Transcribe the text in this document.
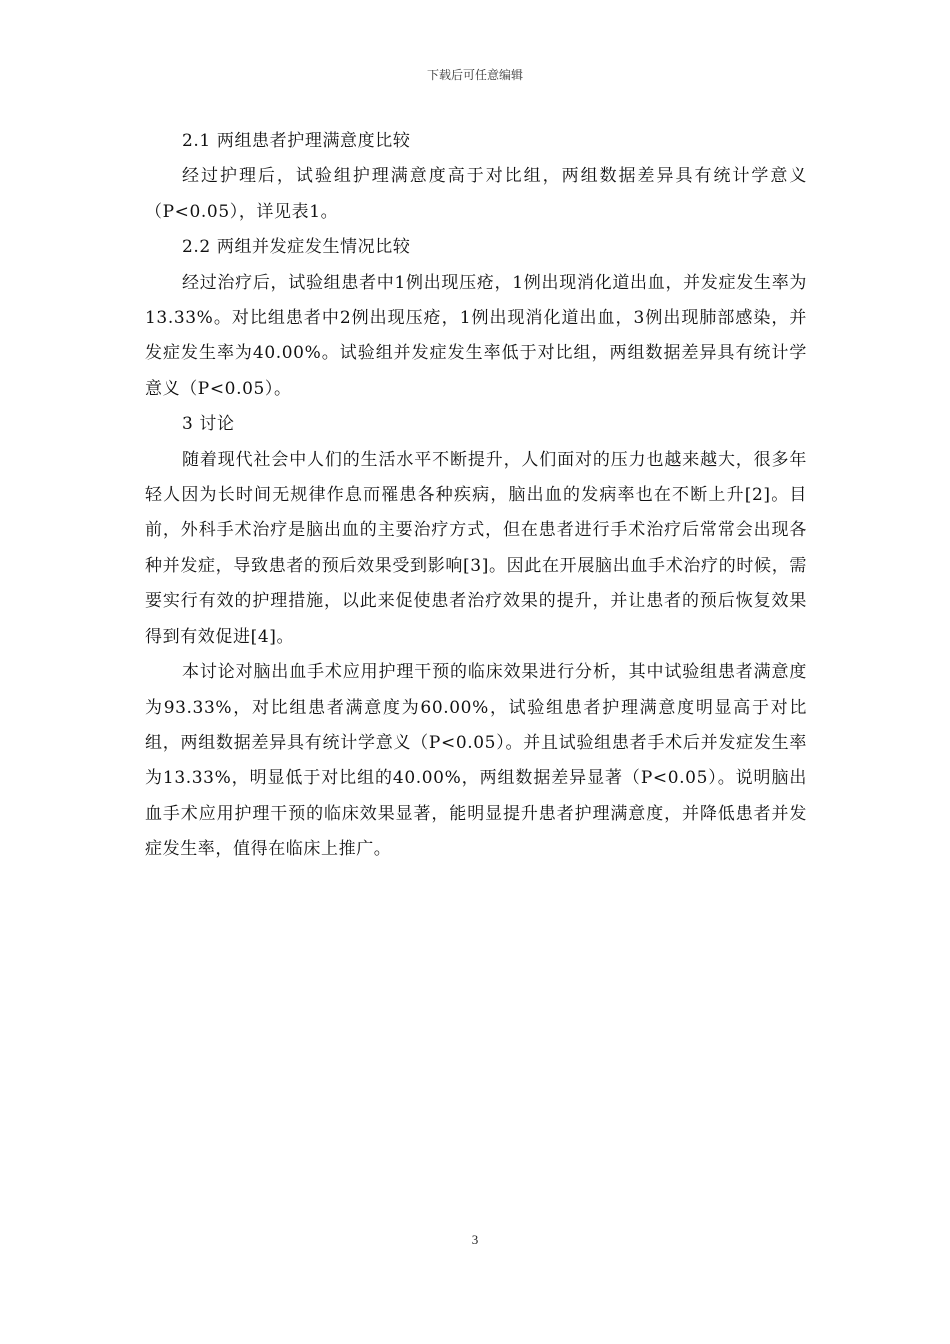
下载后可任意编辑

2.1 两组患者护理满意度比较

经过护理后，试验组护理满意度高于对比组，两组数据差异具有统计学意义（P<0.05），详见表1。

2.2 两组并发症发生情况比较

经过治疗后，试验组患者中1例出现压疮，1例出现消化道出血，并发症发生率为13.33%。对比组患者中2例出现压疮，1例出现消化道出血，3例出现肺部感染，并发症发生率为40.00%。试验组并发症发生率低于对比组，两组数据差异具有统计学意义（P<0.05）。

3 讨论

随着现代社会中人们的生活水平不断提升，人们面对的压力也越来越大，很多年轻人因为长时间无规律作息而罹患各种疾病，脑出血的发病率也在不断上升[2]。目前，外科手术治疗是脑出血的主要治疗方式，但在患者进行手术治疗后常常会出现各种并发症，导致患者的预后效果受到影响[3]。因此在开展脑出血手术治疗的时候，需要实行有效的护理措施，以此来促使患者治疗效果的提升，并让患者的预后恢复效果得到有效促进[4]。

本讨论对脑出血手术应用护理干预的临床效果进行分析，其中试验组患者满意度为93.33%，对比组患者满意度为60.00%，试验组患者护理满意度明显高于对比组，两组数据差异具有统计学意义（P<0.05）。并且试验组患者手术后并发症发生率为13.33%，明显低于对比组的40.00%，两组数据差异显著（P<0.05）。说明脑出血手术应用护理干预的临床效果显著，能明显提升患者护理满意度，并降低患者并发症发生率，值得在临床上推广。

3
